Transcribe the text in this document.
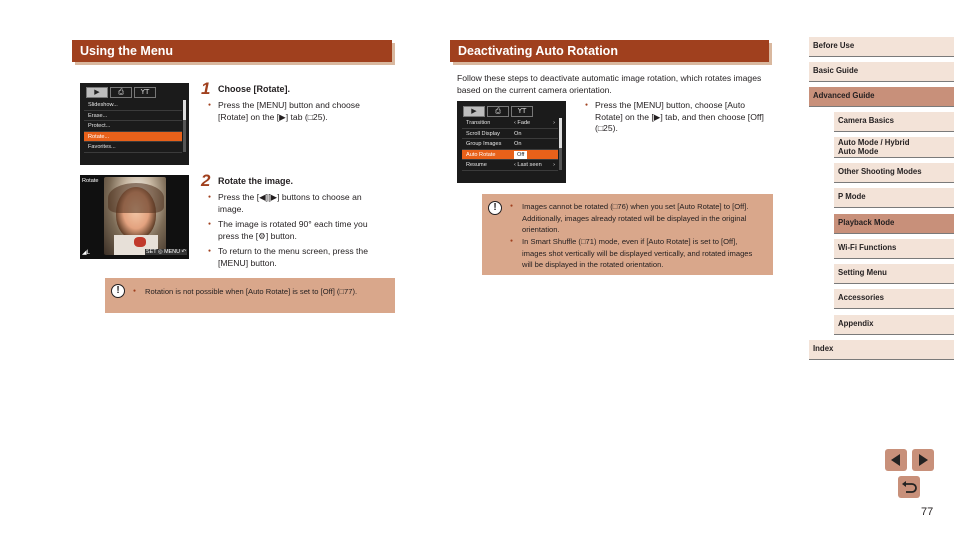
Using the Menu
▶	⎙	YT
Slideshow...
Erase...
Protect...
Rotate...
Favorites...
1 Choose [Rotate].
● Press the [MENU] button and choose [Rotate] on the [▶] tab (​□25).
Rotate
◢L	SET ◎ MENU ↶
2 Rotate the image.
● Press the [◀][▶] buttons to choose an image.
● The image is rotated 90° each time you press the [⚙] button.
● To return to the menu screen, press the [MENU] button.
!	● Rotation is not possible when [Auto Rotate] is set to [Off] (□77).
Deactivating Auto Rotation
Follow these steps to deactivate automatic image rotation, which rotates images based on the current camera orientation.
▶	⎙	YT
Transition	‹ Fade	›
Scroll Display	On
Group Images On
Auto Rotate	Off
Resume	‹ Last seen ›
● Press the [MENU] button, choose [Auto Rotate] on the [▶] tab, and then choose [Off] (□25).
!	● Images cannot be rotated (□76) when you set [Auto Rotate] to [Off]. Additionally, images already rotated will be displayed in the original orientation.
● In Smart Shuffle (□71) mode, even if [Auto Rotate] is set to [Off], images shot vertically will be displayed vertically, and rotated images will be displayed in the rotated orientation.
Before Use
Basic Guide
Advanced Guide
Camera Basics
Auto Mode / Hybrid Auto Mode
Other Shooting Modes
P Mode
Playback Mode
Wi-Fi Functions
Setting Menu
Accessories
Appendix
Index
77
